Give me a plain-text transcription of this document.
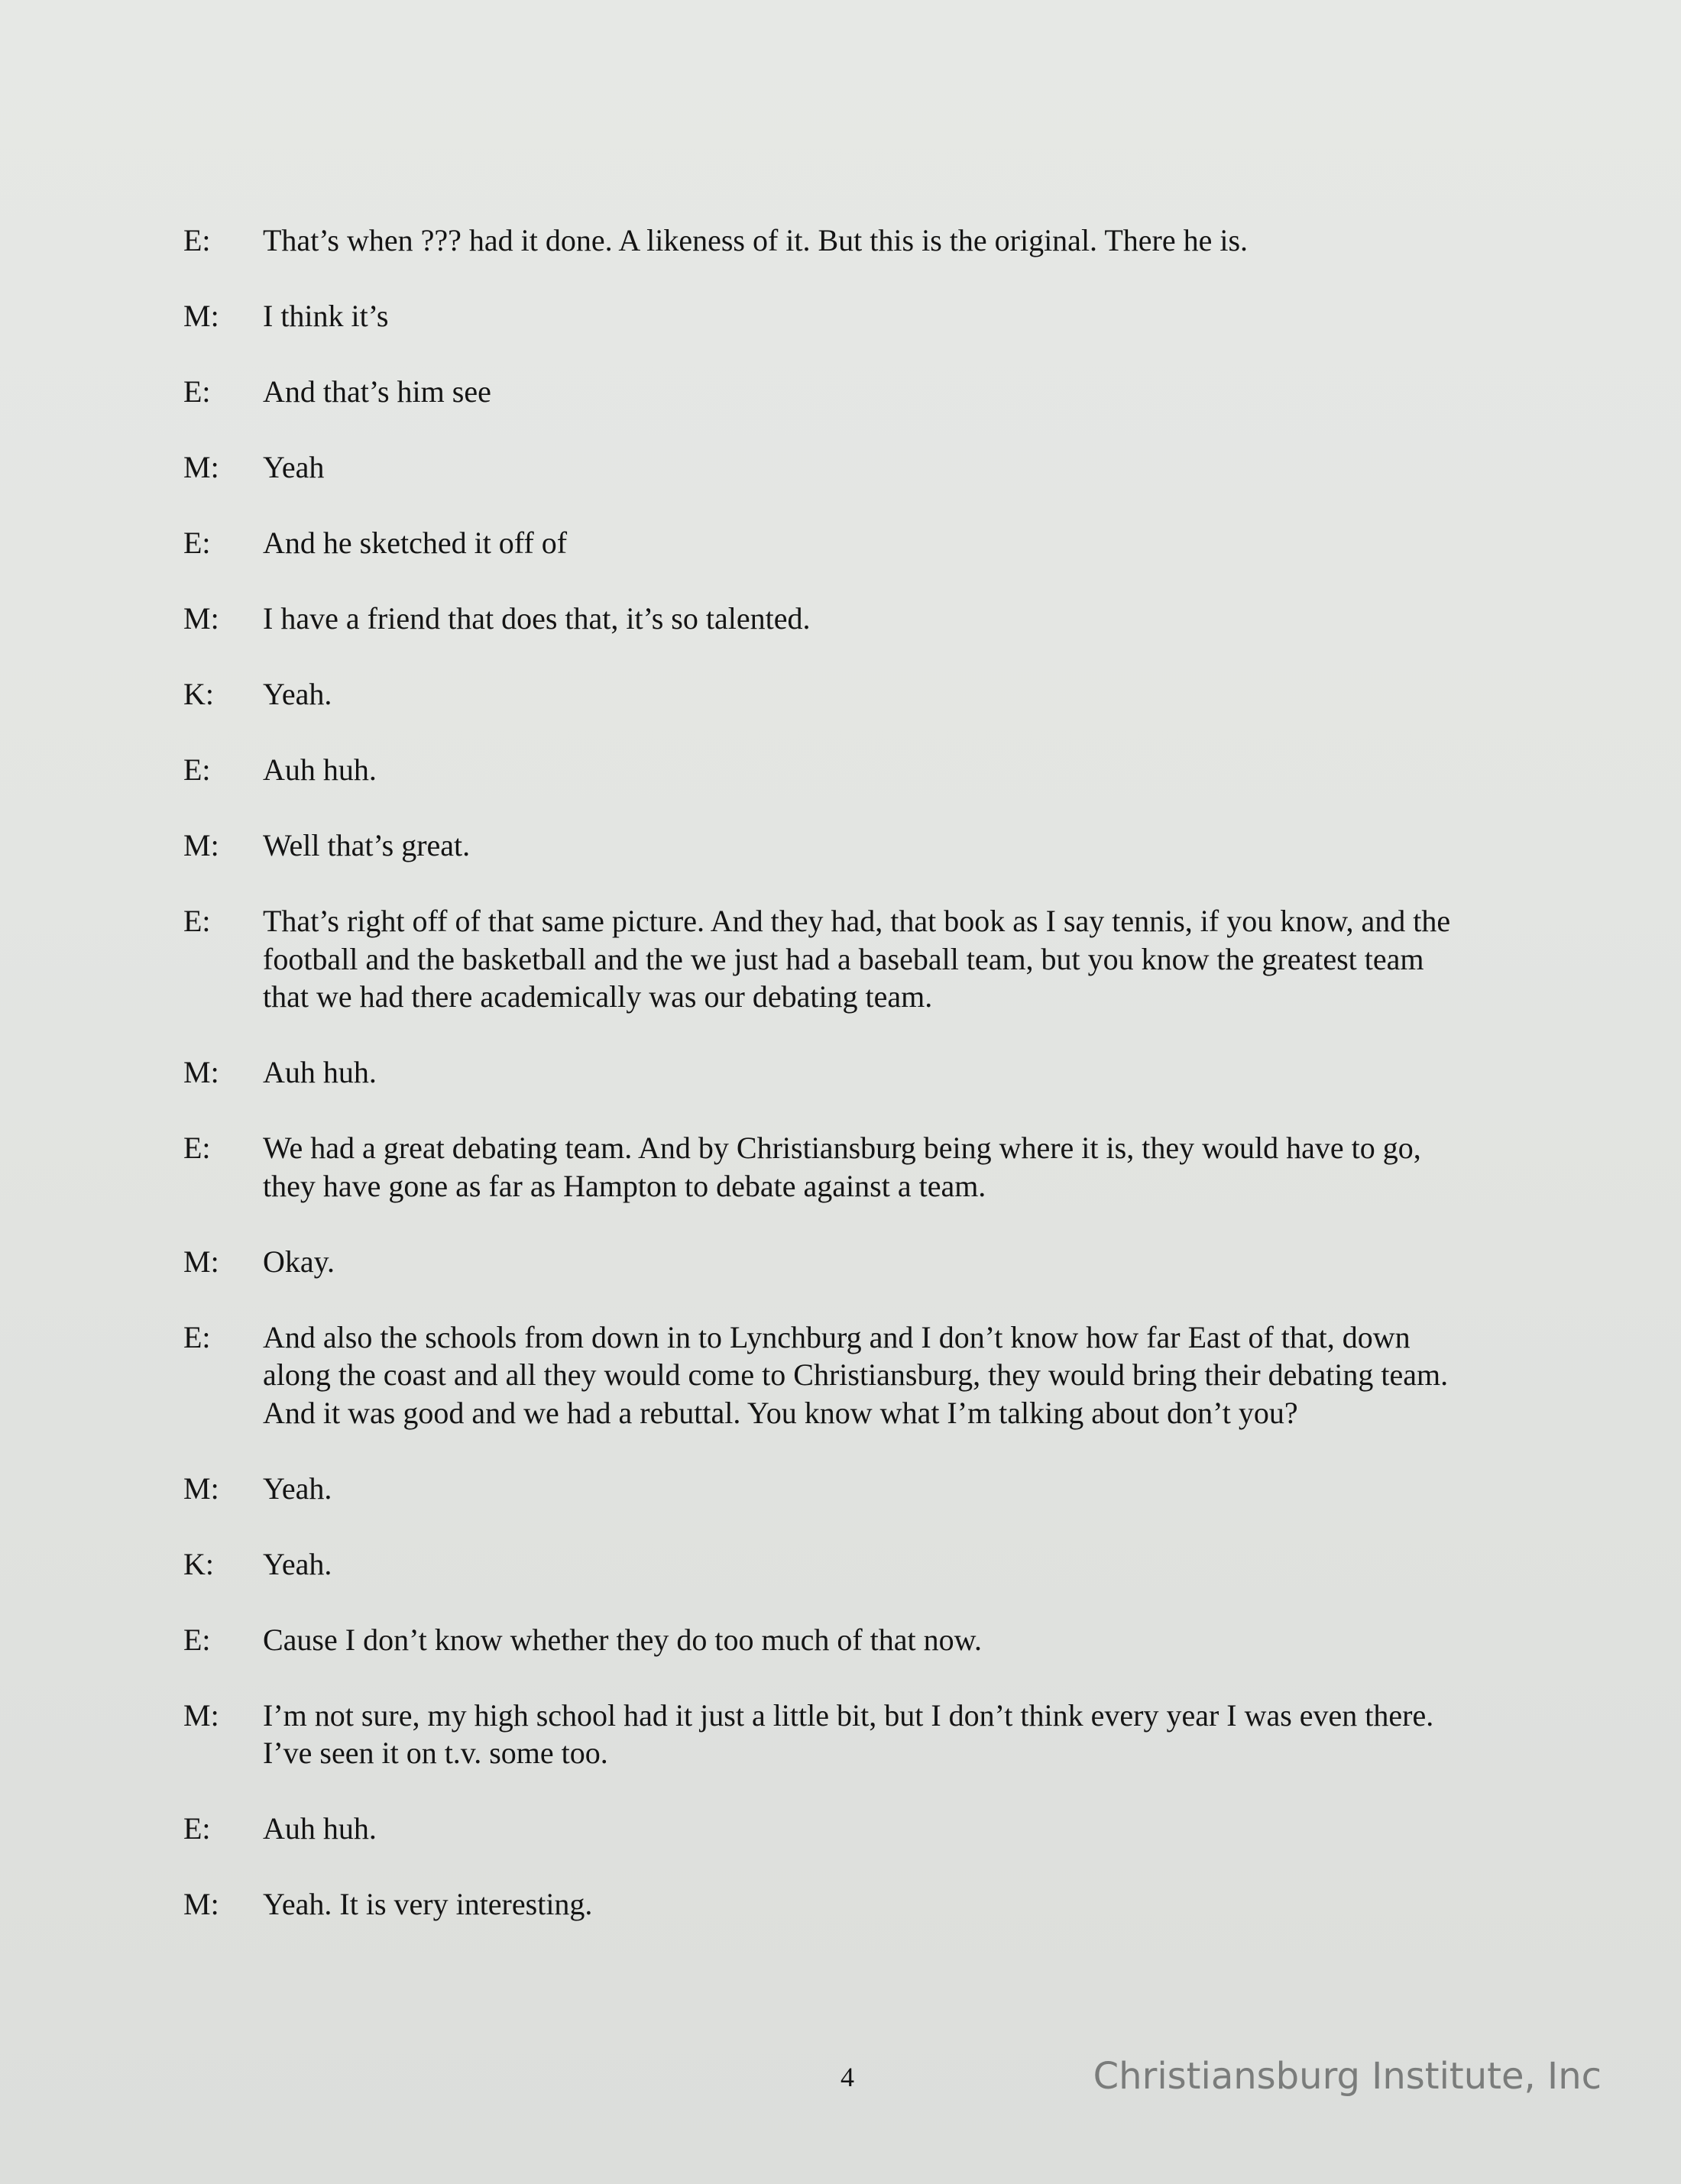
E:	That’s when ??? had it done. A likeness of it. But this is the original. There he is.
M:	I think it’s
E:	And that’s him see
M:	Yeah
E:	And he sketched it off of
M:	I have a friend that does that, it’s so talented.
K:	Yeah.
E:	Auh huh.
M:	Well that’s great.
E:	That’s right off of that same picture. And they had, that book as I say tennis, if you know, and the football and the basketball and the we just had a baseball team, but you know the greatest team that we had there academically was our debating team.
M:	Auh huh.
E:	We had a great debating team. And by Christiansburg being where it is, they would have to go, they have gone as far as Hampton to debate against a team.
M:	Okay.
E:	And also the schools from down in to Lynchburg and I don’t know how far East of that, down along the coast and all they would come to Christiansburg, they would bring their debating team. And it was good and we had a rebuttal. You know what I’m talking about don’t you?
M:	Yeah.
K:	Yeah.
E:	Cause I don’t know whether they do too much of that now.
M:	I’m not sure, my high school had it just a little bit, but I don’t think every year I was even there. I’ve seen it on t.v. some too.
E:	Auh huh.
M:	Yeah. It is very interesting.
4	Christiansburg Institute, Inc
